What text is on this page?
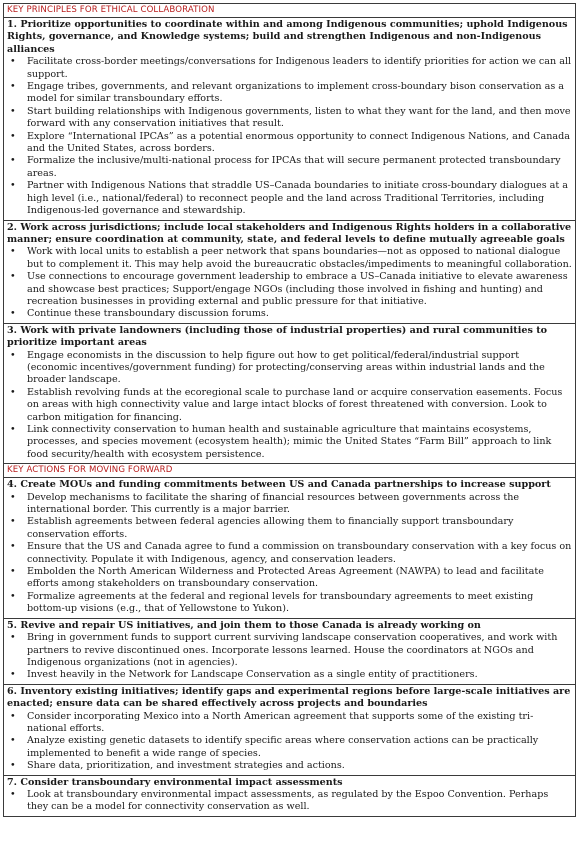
KEY PRINCIPLES FOR ETHICAL COLLABORATION
1. Prioritize opportunities to coordinate within and among Indigenous communities; uphold Indigenous Rights, governance, and Knowledge systems; build and strengthen Indigenous and non-Indigenous alliances
• Facilitate cross-border meetings/conversations for Indigenous leaders to identify priorities for action we can all support.
• Engage tribes, governments, and relevant organizations to implement cross-boundary bison conservation as a model for similar transboundary efforts.
• Start building relationships with Indigenous governments, listen to what they want for the land, and then move forward with any conservation initiatives that result.
• Explore “International IPCAs” as a potential enormous opportunity to connect Indigenous Nations, and Canada and the United States, across borders.
• Formalize the inclusive/multi-national process for IPCAs that will secure permanent protected transboundary areas.
• Partner with Indigenous Nations that straddle US–Canada boundaries to initiate cross-boundary dialogues at a high level (i.e., national/federal) to reconnect people and the land across Traditional Territories, including Indigenous-led governance and stewardship.
2. Work across jurisdictions; include local stakeholders and Indigenous Rights holders in a collaborative manner; ensure coordination at community, state, and federal levels to define mutually agreeable goals
• Work with local units to establish a peer network that spans boundaries—not as opposed to national dialogue but to complement it. This may help avoid the bureaucratic obstacles/impediments to meaningful collaboration.
• Use connections to encourage government leadership to embrace a US–Canada initiative to elevate awareness and showcase best practices; Support/engage NGOs (including those involved in fishing and hunting) and recreation businesses in providing external and public pressure for that initiative.
• Continue these transboundary discussion forums.
3. Work with private landowners (including those of industrial properties) and rural communities to prioritize important areas
• Engage economists in the discussion to help figure out how to get political/federal/industrial support (economic incentives/government funding) for protecting/conserving areas within industrial lands and the broader landscape.
• Establish revolving funds at the ecoregional scale to purchase land or acquire conservation easements. Focus on areas with high connectivity value and large intact blocks of forest threatened with conversion. Look to carbon mitigation for financing.
• Link connectivity conservation to human health and sustainable agriculture that maintains ecosystems, processes, and species movement (ecosystem health); mimic the United States “Farm Bill” approach to link food security/health with ecosystem persistence.
KEY ACTIONS FOR MOVING FORWARD
4. Create MOUs and funding commitments between US and Canada partnerships to increase support
• Develop mechanisms to facilitate the sharing of financial resources between governments across the international border. This currently is a major barrier.
• Establish agreements between federal agencies allowing them to financially support transboundary conservation efforts.
• Ensure that the US and Canada agree to fund a commission on transboundary conservation with a key focus on connectivity. Populate it with Indigenous, agency, and conservation leaders.
• Embolden the North American Wilderness and Protected Areas Agreement (NAWPA) to lead and facilitate efforts among stakeholders on transboundary conservation.
• Formalize agreements at the federal and regional levels for transboundary agreements to meet existing bottom-up visions (e.g., that of Yellowstone to Yukon).
5. Revive and repair US initiatives, and join them to those Canada is already working on
• Bring in government funds to support current surviving landscape conservation cooperatives, and work with partners to revive discontinued ones. Incorporate lessons learned. House the coordinators at NGOs and Indigenous organizations (not in agencies).
• Invest heavily in the Network for Landscape Conservation as a single entity of practitioners.
6. Inventory existing initiatives; identify gaps and experimental regions before large-scale initiatives are enacted; ensure data can be shared effectively across projects and boundaries
• Consider incorporating Mexico into a North American agreement that supports some of the existing tri-national efforts.
• Analyze existing genetic datasets to identify specific areas where conservation actions can be practically implemented to benefit a wide range of species.
• Share data, prioritization, and investment strategies and actions.
7. Consider transboundary environmental impact assessments
• Look at transboundary environmental impact assessments, as regulated by the Espoo Convention. Perhaps they can be a model for connectivity conservation as well.
